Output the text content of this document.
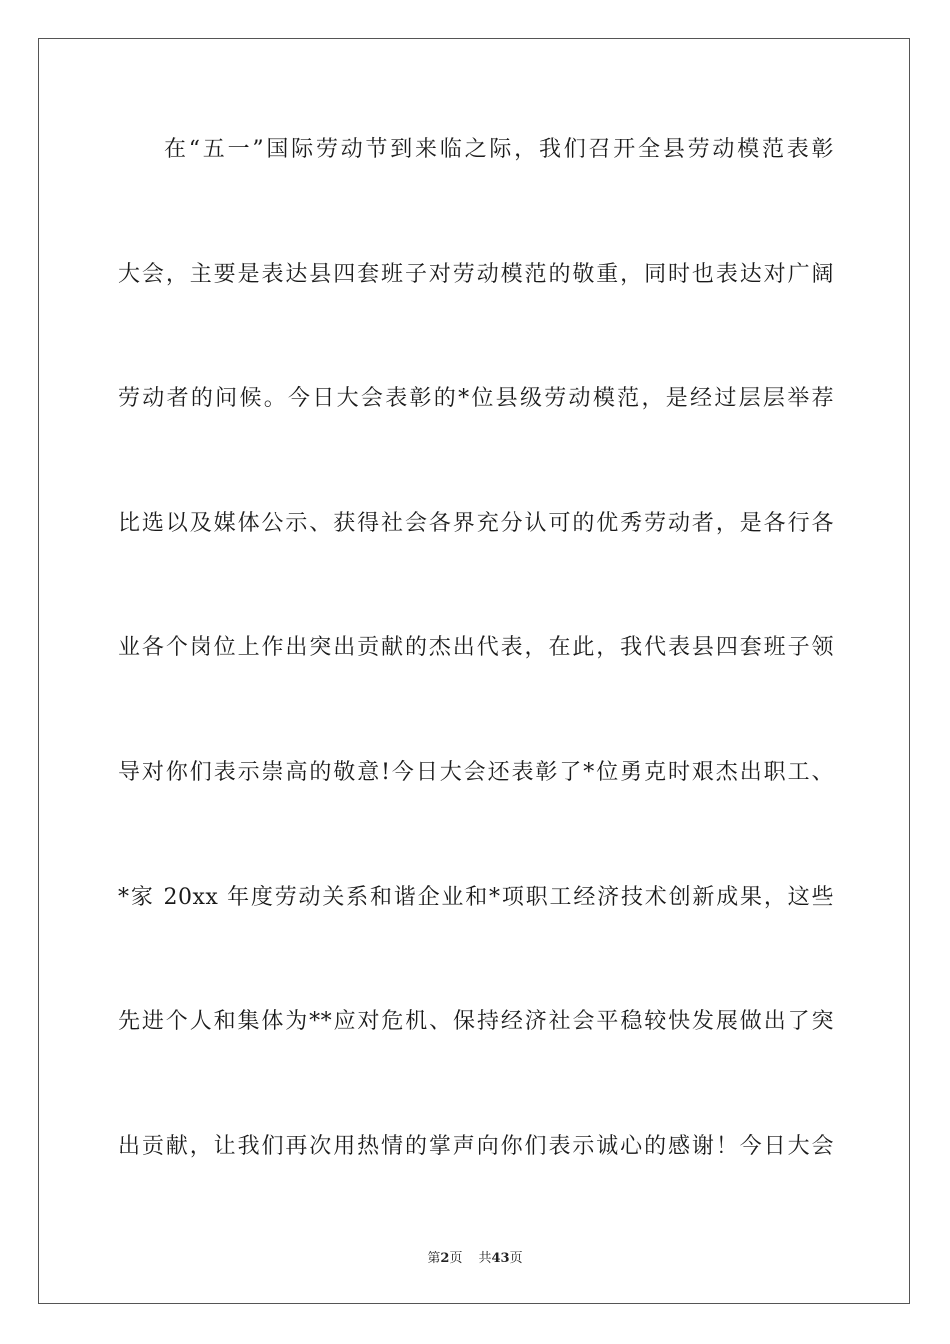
在“五一”国际劳动节到来临之际，我们召开全县劳动模范表彰
大会，主要是表达县四套班子对劳动模范的敬重，同时也表达对广阔
劳动者的问候。今日大会表彰的*位县级劳动模范，是经过层层举荐
比选以及媒体公示、获得社会各界充分认可的优秀劳动者，是各行各
业各个岗位上作出突出贡献的杰出代表，在此，我代表县四套班子领
导对你们表示崇高的敬意!今日大会还表彰了*位勇克时艰杰出职工、
*家 20xx 年度劳动关系和谐企业和*项职工经济技术创新成果，这些
先进个人和集体为**应对危机、保持经济社会平稳较快发展做出了突
出贡献，让我们再次用热情的掌声向你们表示诚心的感谢！今日大会
第2页 共43页
